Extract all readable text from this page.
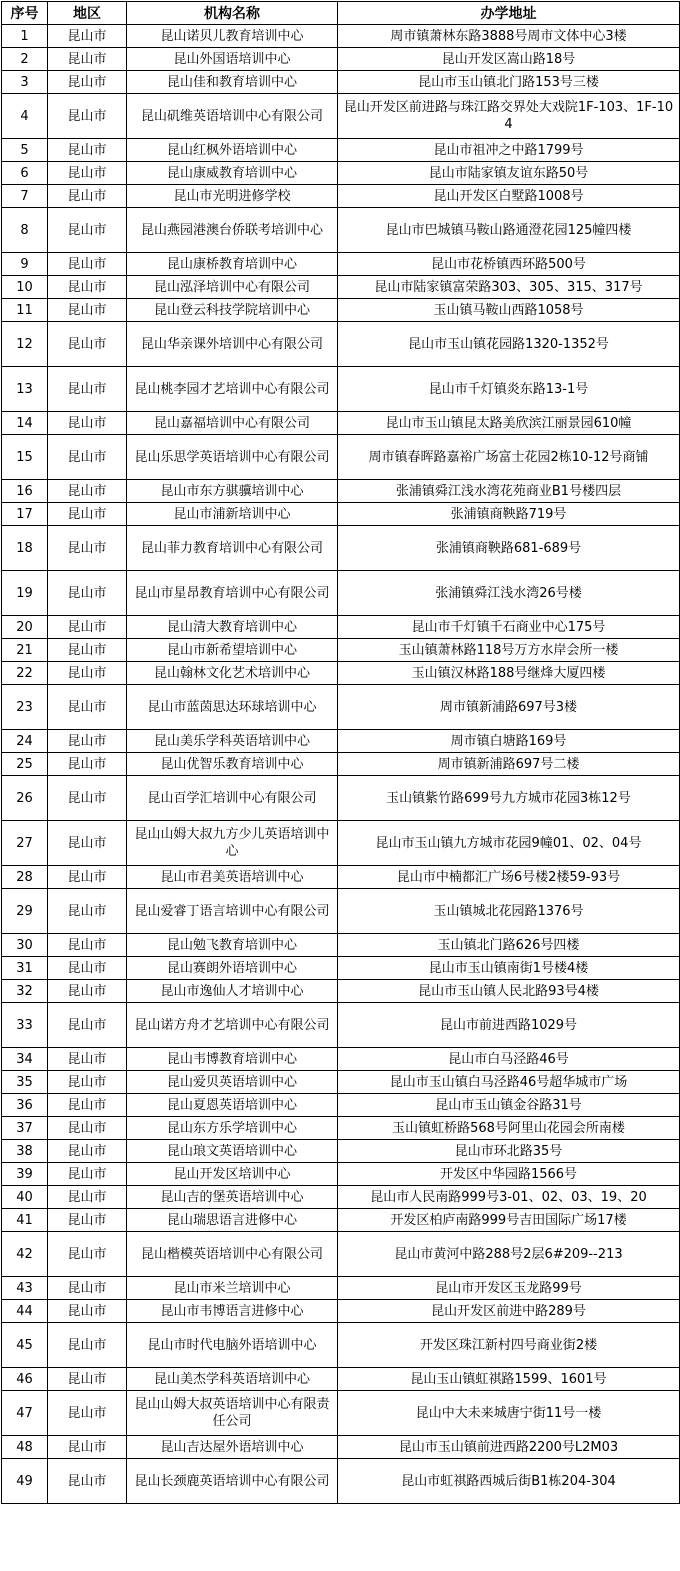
序号	地区	机构名称	办学地址
1	昆山市	昆山诺贝儿教育培训中心	周市镇萧林东路3888号周市文体中心3楼
2	昆山市	昆山外国语培训中心	昆山开发区嵩山路18号
3	昆山市	昆山佳和教育培训中心	昆山市玉山镇北门路153号三楼
4	昆山市	昆山矶维英语培训中心有限公司	昆山开发区前进路与珠江路交界处大戏院1F-103、1F-104
5	昆山市	昆山红枫外语培训中心	昆山市祖冲之中路1799号
6	昆山市	昆山康威教育培训中心	昆山市陆家镇友谊东路50号
7	昆山市	昆山市光明进修学校	昆山开发区白墅路1008号
8	昆山市	昆山燕园港澳台侨联考培训中心	昆山市巴城镇马鞍山路通澄花园125幢四楼
9	昆山市	昆山康桥教育培训中心	昆山市花桥镇西环路500号
10	昆山市	昆山泓泽培训中心有限公司	昆山市陆家镇富荣路303、305、315、317号
11	昆山市	昆山登云科技学院培训中心	玉山镇马鞍山西路1058号
12	昆山市	昆山华亲课外培训中心有限公司	昆山市玉山镇花园路1320-1352号
13	昆山市	昆山桃李园才艺培训中心有限公司	昆山市千灯镇炎东路13-1号
14	昆山市	昆山嘉福培训中心有限公司	昆山市玉山镇昆太路美欣滨江丽景园610幢
15	昆山市	昆山乐思学英语培训中心有限公司	周市镇春晖路嘉裕广场富士花园2栋10-12号商铺
16	昆山市	昆山市东方骐骥培训中心	张浦镇舜江浅水湾花苑商业B1号楼四层
17	昆山市	昆山市浦新培训中心	张浦镇商鞅路719号
18	昆山市	昆山菲力教育培训中心有限公司	张浦镇商鞅路681-689号
19	昆山市	昆山市星昂教育培训中心有限公司	张浦镇舜江浅水湾26号楼
20	昆山市	昆山清大教育培训中心	昆山市千灯镇千石商业中心175号
21	昆山市	昆山市新希望培训中心	玉山镇萧林路118号万方水岸会所一楼
22	昆山市	昆山翰林文化艺术培训中心	玉山镇汉林路188号继烽大厦四楼
23	昆山市	昆山市蓝茵思达环球培训中心	周市镇新浦路697号3楼
24	昆山市	昆山美乐学科英语培训中心	周市镇白塘路169号
25	昆山市	昆山优智乐教育培训中心	周市镇新浦路697号二楼
26	昆山市	昆山百学汇培训中心有限公司	玉山镇紫竹路699号九方城市花园3栋12号
27	昆山市	昆山山姆大叔九方少儿英语培训中心	昆山市玉山镇九方城市花园9幢01、02、04号
28	昆山市	昆山市君美英语培训中心	昆山市中楠都汇广场6号楼2楼59-93号
29	昆山市	昆山爱睿丁语言培训中心有限公司	玉山镇城北花园路1376号
30	昆山市	昆山勉飞教育培训中心	玉山镇北门路626号四楼
31	昆山市	昆山赛朗外语培训中心	昆山市玉山镇南街1号楼4楼
32	昆山市	昆山市逸仙人才培训中心	昆山市玉山镇人民北路93号4楼
33	昆山市	昆山诺方舟才艺培训中心有限公司	昆山市前进西路1029号
34	昆山市	昆山韦博教育培训中心	昆山市白马泾路46号
35	昆山市	昆山爱贝英语培训中心	昆山市玉山镇白马泾路46号超华城市广场
36	昆山市	昆山夏恩英语培训中心	昆山市玉山镇金谷路31号
37	昆山市	昆山东方乐学培训中心	玉山镇虹桥路568号阿里山花园会所南楼
38	昆山市	昆山琅文英语培训中心	昆山市环北路35号
39	昆山市	昆山开发区培训中心	开发区中华园路1566号
40	昆山市	昆山吉的堡英语培训中心	昆山市人民南路999号3-01、02、03、19、20
41	昆山市	昆山瑞思语言进修中心	开发区柏庐南路999号吉田国际广场17楼
42	昆山市	昆山楷模英语培训中心有限公司	昆山市黄河中路288号2层6#209--213
43	昆山市	昆山市米兰培训中心	昆山市开发区玉龙路99号
44	昆山市	昆山市韦博语言进修中心	昆山开发区前进中路289号
45	昆山市	昆山市时代电脑外语培训中心	开发区珠江新村四号商业街2楼
46	昆山市	昆山美杰学科英语培训中心	昆山玉山镇虹祺路1599、1601号
47	昆山市	昆山山姆大叔英语培训中心有限责任公司	昆山中大未来城唐宁街11号一楼
48	昆山市	昆山吉达屋外语培训中心	昆山市玉山镇前进西路2200号L2M03
49	昆山市	昆山长颈鹿英语培训中心有限公司	昆山市虹祺路西城后街B1栋204-304
